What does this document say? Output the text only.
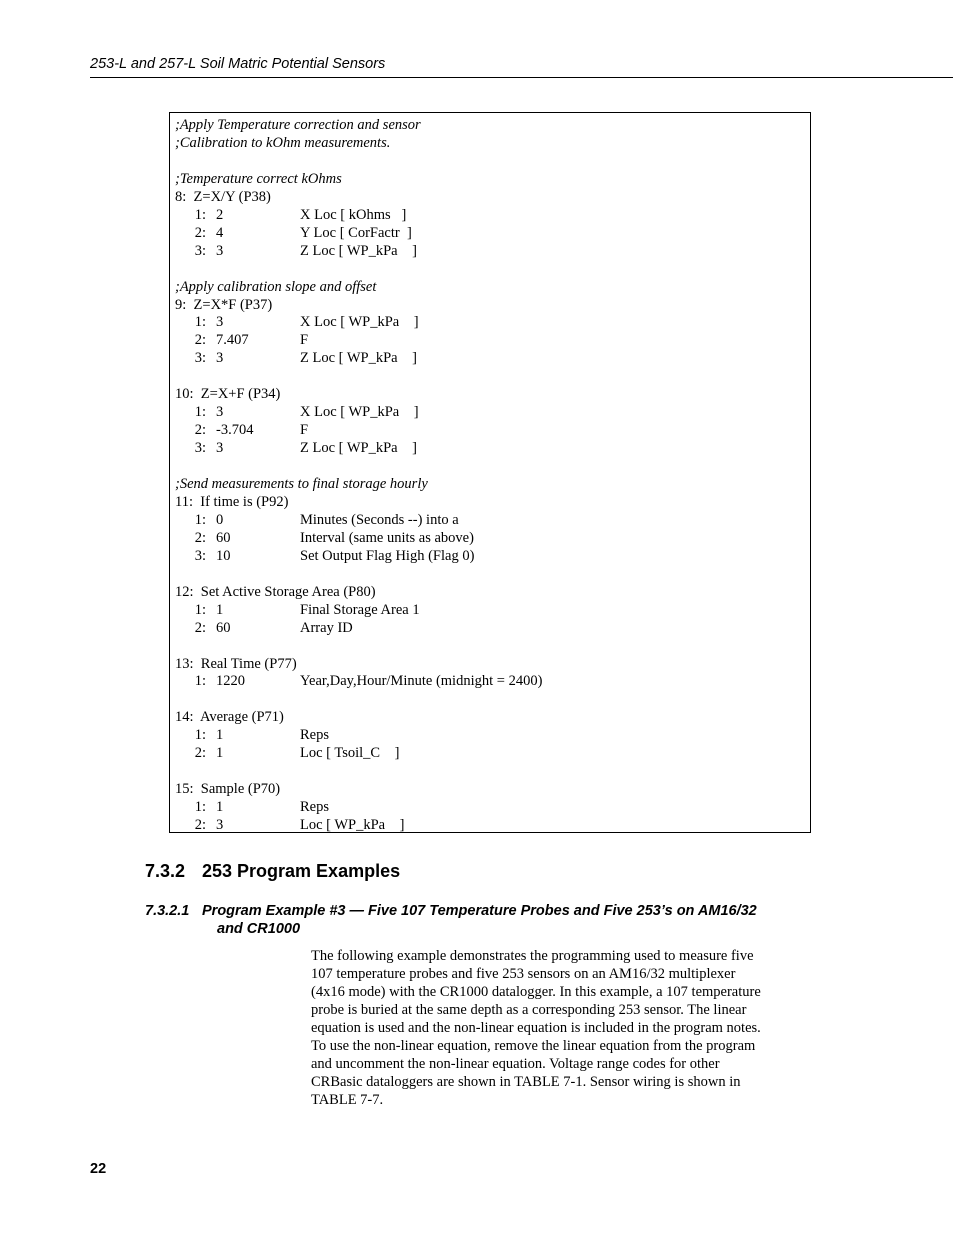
253-L and 257-L Soil Matric Potential Sensors
;Apply Temperature correction and sensor
;Calibration to kOhm measurements.
;Temperature correct kOhms
8:  Z=X/Y (P38)
1: 2	X Loc [ kOhms   ]
2: 4	Y Loc [ CorFactr  ]
3: 3	Z Loc [ WP_kPa    ]
;Apply calibration slope and offset
9:  Z=X*F (P37)
1: 3	X Loc [ WP_kPa    ]
2: 7.407	F
3: 3	Z Loc [ WP_kPa    ]
10:  Z=X+F (P34)
1: 3	X Loc [ WP_kPa    ]
2: -3.704	F
3: 3	Z Loc [ WP_kPa    ]
;Send measurements to final storage hourly
11:  If time is (P92)
1: 0	Minutes (Seconds --) into a
2: 60	Interval (same units as above)
3: 10	Set Output Flag High (Flag 0)
12:  Set Active Storage Area (P80)
1: 1	Final Storage Area 1
2: 60	Array ID
13:  Real Time (P77)
1: 1220	Year,Day,Hour/Minute (midnight = 2400)
14:  Average (P71)
1: 1	Reps
2: 1	Loc [ Tsoil_C    ]
15:  Sample (P70)
1: 1	Reps
2: 3	Loc [ WP_kPa    ]
7.3.2 253 Program Examples
7.3.2.1 Program Example #3 — Five 107 Temperature Probes and Five 253’s on AM16/32
and CR1000
The following example demonstrates the programming used to measure five
107 temperature probes and five 253 sensors on an AM16/32 multiplexer
(4x16 mode) with the CR1000 datalogger. In this example, a 107 temperature
probe is buried at the same depth as a corresponding 253 sensor. The linear
equation is used and the non-linear equation is included in the program notes.
To use the non-linear equation, remove the linear equation from the program
and uncomment the non-linear equation. Voltage range codes for other
CRBasic dataloggers are shown in TABLE 7-1. Sensor wiring is shown in
TABLE 7-7.
22
